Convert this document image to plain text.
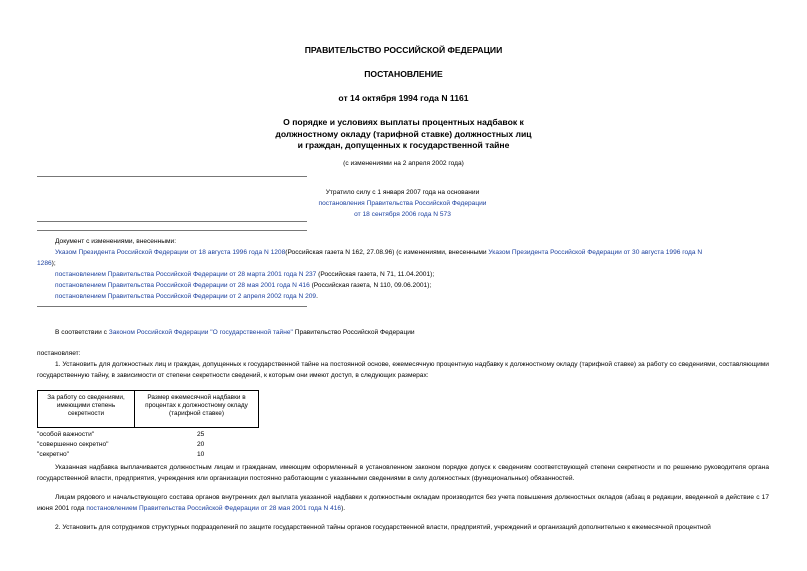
ПРАВИТЕЛЬСТВО РОССИЙСКОЙ ФЕДЕРАЦИИ
ПОСТАНОВЛЕНИЕ
от 14 октября 1994 года N 1161
О порядке и условиях выплаты процентных надбавок к
должностному окладу (тарифной ставке) должностных лиц
и граждан, допущенных к государственной тайне
(с изменениями на 2 апреля 2002 года)
Утратило силу с 1 января 2007 года на основании
постановления Правительства Российской Федерации
от 18 сентября 2006 года N 573
Документ с изменениями, внесенными:
Указом Президента Российской Федерации от 18 августа 1996 года N 1208(Российская газета N 162, 27.08.96) (с изменениями, внесенными Указом Президента Российской Федерации от 30 августа 1996 года N
1286);
постановлением Правительства Российской Федерации от 28 марта 2001 года N 237 (Российская газета, N 71, 11.04.2001);
постановлением Правительства Российской Федерации от 28 мая 2001 года N 416 (Российская газета, N 110, 09.06.2001);
постановлением Правительства Российской Федерации от 2 апреля 2002 года N 209.
В соответствии с Законом Российской Федерации "О государственной тайне" Правительство Российской Федерации
постановляет:
1. Установить для должностных лиц и граждан, допущенных к государственной тайне на постоянной основе, ежемесячную процентную надбавку к должностному окладу (тарифной ставке) за работу со сведениями, составляющими государственную тайну, в зависимости от степени секретности сведений, к которым они имеют доступ, в следующих размерах:
За работу со сведениями, имеющими степень секретности	Размер ежемесячной надбавки в процентах к должностному окладу (тарифной ставке)
"особой важности"	25
"совершенно секретно"	20
"секретно"	10
Указанная надбавка выплачивается должностным лицам и гражданам, имеющим оформленный в установленном законом порядке допуск к сведениям соответствующей степени секретности и по решению руководителя органа государственной власти, предприятия, учреждения или организации постоянно работающим с указанными сведениями в силу должностных (функциональных) обязанностей.
Лицам рядового и начальствующего состава органов внутренних дел выплата указанной надбавки к должностным окладам производится без учета повышения должностных окладов (абзац в редакции, введенной в действие с 17 июня 2001 года постановлением Правительства Российской Федерации от 28 мая 2001 года N 416).
2. Установить для сотрудников структурных подразделений по защите государственной тайны органов государственной власти, предприятий, учреждений и организаций дополнительно к ежемесячной процентной
